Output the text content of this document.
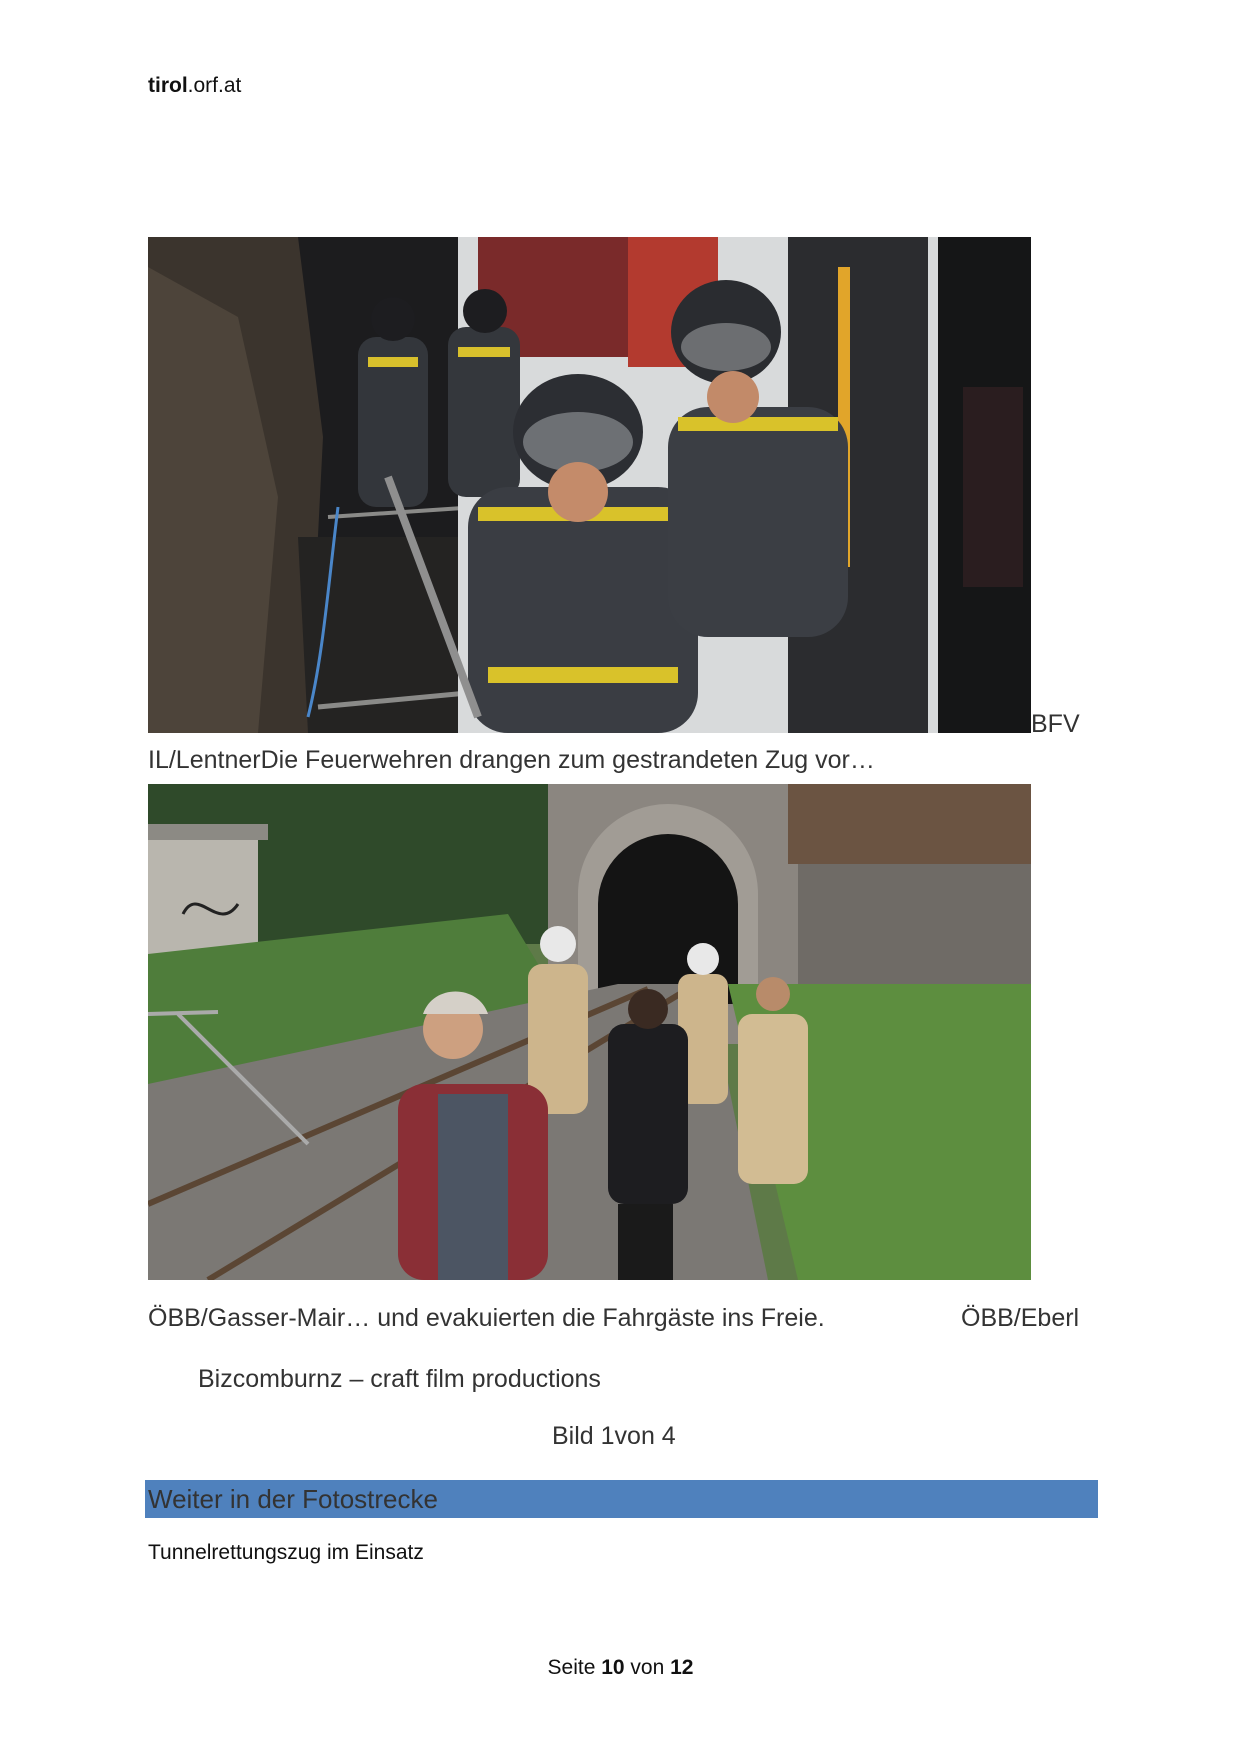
tirol.orf.at
BFV
IL/LentnerDie Feuerwehren drangen zum gestrandeten Zug vor…
ÖBB/Gasser-Mair… und evakuierten die Fahrgäste ins Freie.	ÖBB/Eberl
Bizcomburnz – craft film productions
Bild 1von 4
Weiter in der Fotostrecke
Tunnelrettungszug im Einsatz
Seite 10 von 12
